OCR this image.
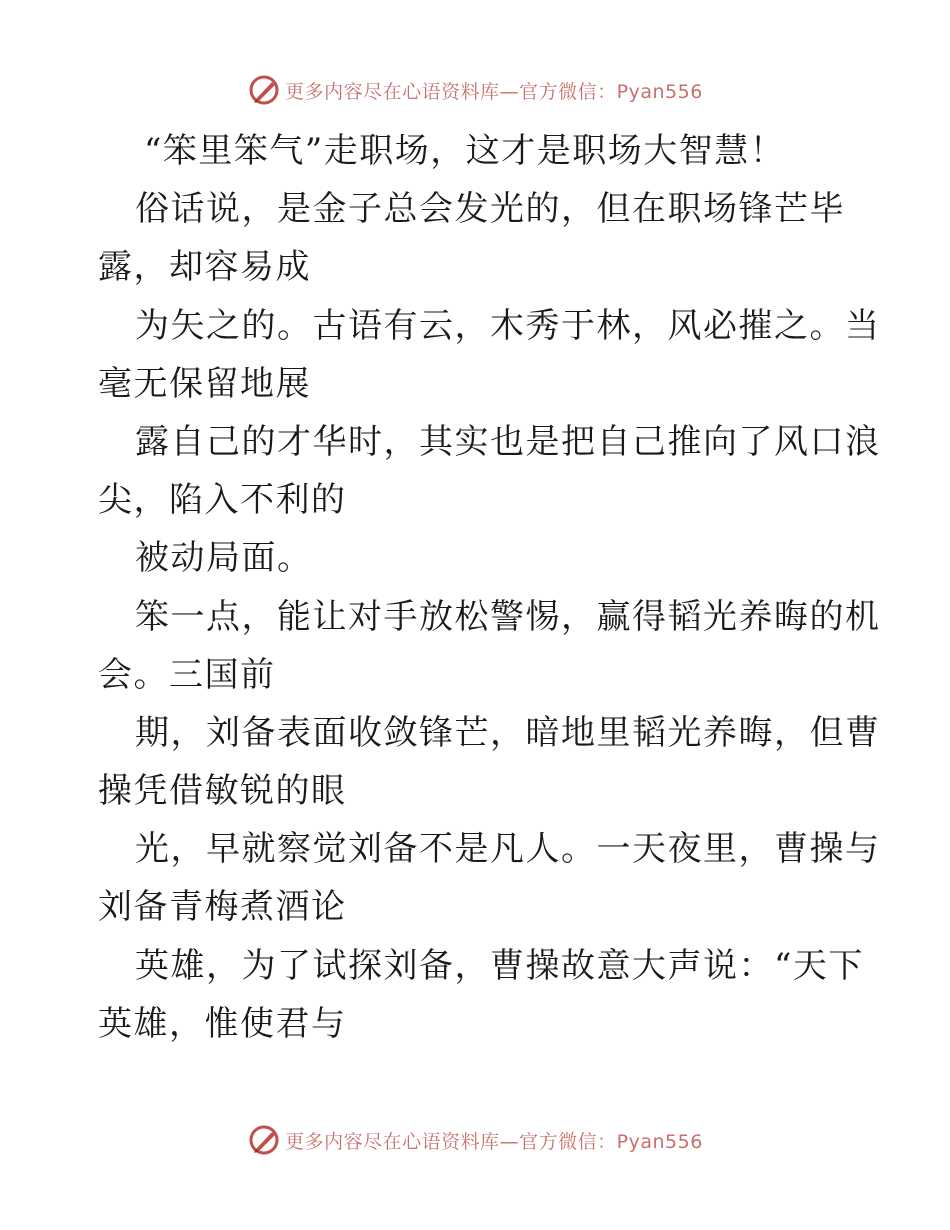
更多内容尽在心语资料库—官方微信：Pyan556
“笨里笨气”走职场，这才是职场大智慧！
俗话说，是金子总会发光的，但在职场锋芒毕
露，却容易成
为矢之的。古语有云，木秀于林，风必摧之。当
毫无保留地展
露自己的才华时，其实也是把自己推向了风口浪
尖，陷入不利的
被动局面。
笨一点，能让对手放松警惕，赢得韬光养晦的机
会。三国前
期，刘备表面收敛锋芒，暗地里韬光养晦，但曹
操凭借敏锐的眼
光，早就察觉刘备不是凡人。一天夜里，曹操与
刘备青梅煮酒论
英雄，为了试探刘备，曹操故意大声说：“天下
英雄，惟使君与
更多内容尽在心语资料库—官方微信：Pyan556
